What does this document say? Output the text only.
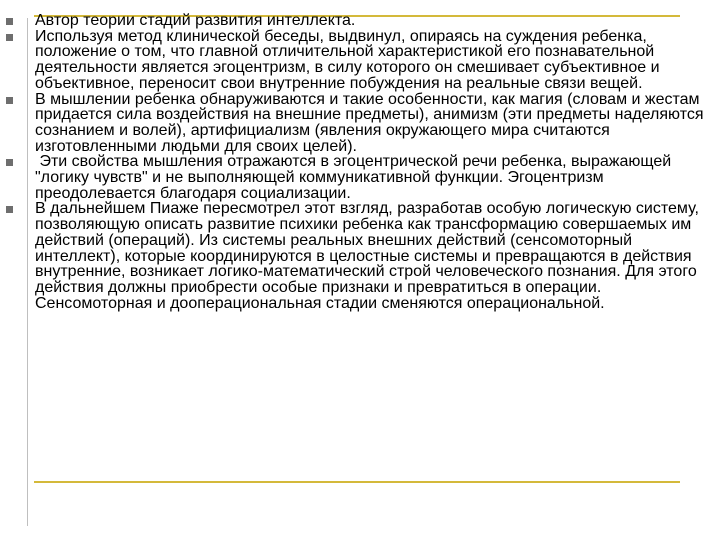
Автор теории стадий развития интеллекта.
Используя метод клинической беседы, выдвинул, опираясь на суждения ребенка, положение о том, что главной отличительной характеристикой его познавательной деятельности является эгоцентризм, в силу которого он смешивает субъективное и объективное, переносит свои внутренние побуждения на реальные связи вещей.
В мышлении ребенка обнаруживаются и такие особенности, как магия (словам и жестам придается сила воздействия на внешние предметы), анимизм (эти предметы наделяются сознанием и волей), артифициализм (явления окружающего мира считаются изготовленными людьми для своих целей).
Эти свойства мышления отражаются в эгоцентрической речи ребенка, выражающей "логику чувств" и не выполняющей коммуникативной функции. Эгоцентризм преодолевается благодаря социализации.
В дальнейшем Пиаже пересмотрел этот взгляд, разработав особую логическую систему, позволяющую описать развитие психики ребенка как трансформацию совершаемых им действий (операций). Из системы реальных внешних действий (сенсомоторный интеллект), которые координируются в целостные системы и превращаются в действия внутренние, возникает логико-математический строй человеческого познания. Для этого действия должны приобрести особые признаки и превратиться в операции. Сенсомоторная и дооперациональная стадии сменяются операциональной.
